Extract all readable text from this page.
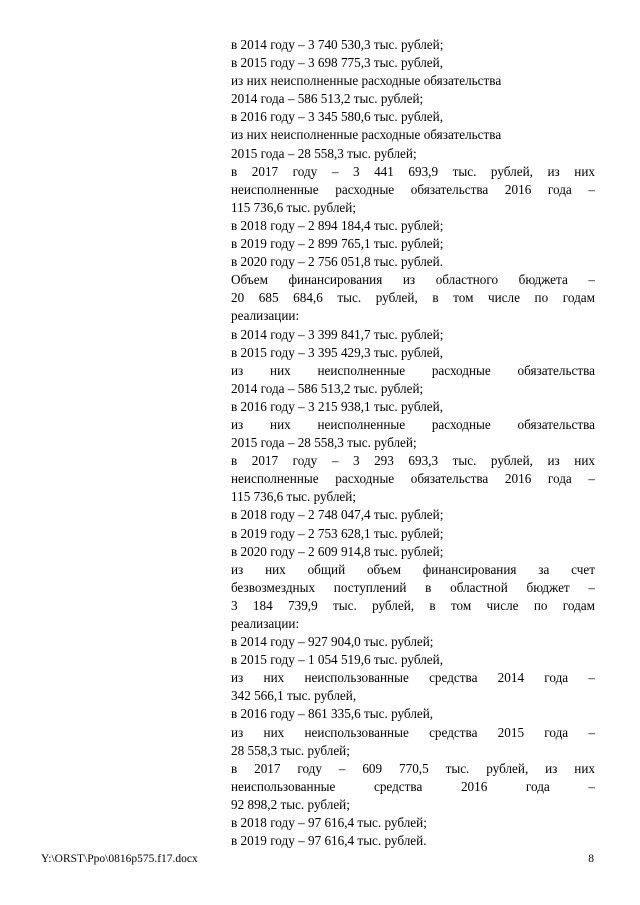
в 2014 году – 3 740 530,3 тыс. рублей;
в 2015 году – 3 698 775,3 тыс. рублей,
из них неисполненные расходные обязательства
2014 года – 586 513,2 тыс. рублей;
в 2016 году – 3 345 580,6 тыс. рублей,
из них неисполненные расходные обязательства
2015 года – 28 558,3 тыс. рублей;
в 2017 году – 3 441 693,9 тыс. рублей, из них
неисполненные расходные обязательства 2016 года –
115 736,6 тыс. рублей;
в 2018 году – 2 894 184,4 тыс. рублей;
в 2019 году – 2 899 765,1 тыс. рублей;
в 2020 году – 2 756 051,8 тыс. рублей.
Объем финансирования из областного бюджета –
20 685 684,6 тыс. рублей, в том числе по годам
реализации:
в 2014 году – 3 399 841,7 тыс. рублей;
в 2015 году – 3 395 429,3 тыс. рублей,
из них неисполненные расходные обязательства
2014 года – 586 513,2 тыс. рублей;
в 2016 году – 3 215 938,1 тыс. рублей,
из них неисполненные расходные обязательства
2015 года – 28 558,3 тыс. рублей;
в 2017 году – 3 293 693,3 тыс. рублей, из них
неисполненные расходные обязательства 2016 года –
115 736,6 тыс. рублей;
в 2018 году – 2 748 047,4 тыс. рублей;
в 2019 году – 2 753 628,1 тыс. рублей;
в 2020 году – 2 609 914,8 тыс. рублей;
из них общий объем финансирования за счет
безвозмездных поступлений в областной бюджет –
3 184 739,9 тыс. рублей, в том числе по годам
реализации:
в 2014 году – 927 904,0 тыс. рублей;
в 2015 году – 1 054 519,6 тыс. рублей,
из них неиспользованные средства 2014 года –
342 566,1 тыс. рублей,
в 2016 году – 861 335,6 тыс. рублей,
из них неиспользованные средства 2015 года –
28 558,3 тыс. рублей;
в 2017 году – 609 770,5 тыс. рублей, из них
неиспользованные средства 2016 года –
92 898,2 тыс. рублей;
в 2018 году – 97 616,4 тыс. рублей;
в 2019 году – 97 616,4 тыс. рублей.
Y:\ORST\Ppo\0816p575.f17.docx	8
